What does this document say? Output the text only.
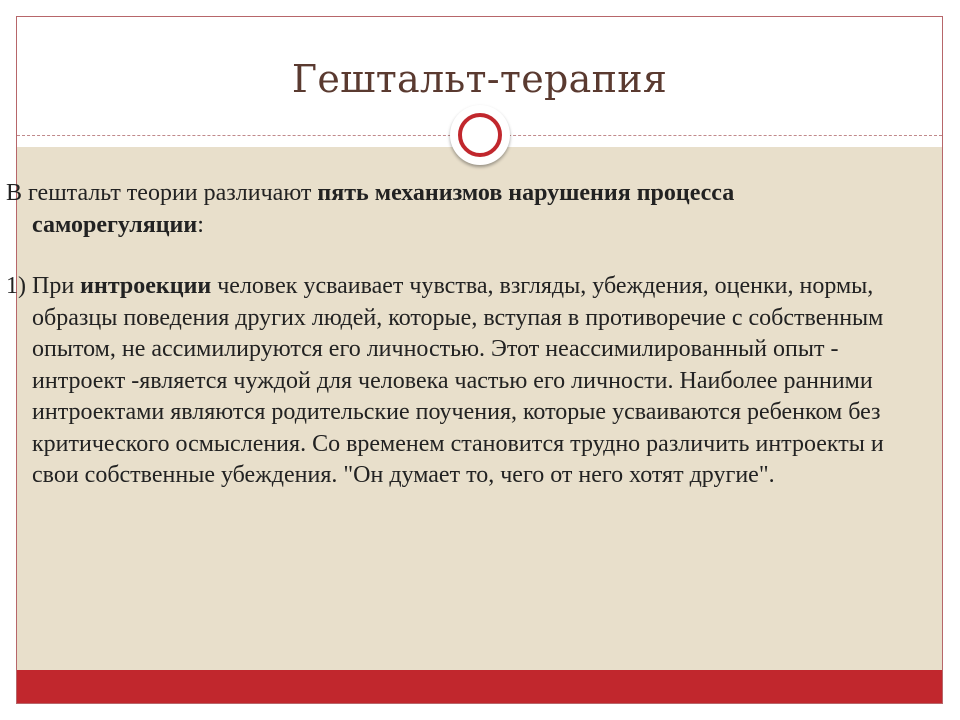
Гештальт-терапия

В гештальт теории различают пять механизмов нарушения процесса саморегуляции:

1) При интроекции человек усваивает чувства, взгляды, убеждения, оценки, нормы, образцы поведения других людей, которые, вступая в противоречие с собственным опытом, не ассимилируются его личностью. Этот неассимилированный опыт - интроект -является чуждой для человека частью его личности. Наиболее ранними интроектами являются родительские поучения, которые усваиваются ребенком без критического осмысления. Со временем становится трудно различить интроекты и свои собственные убеждения. "Он думает то, чего от него хотят другие".
